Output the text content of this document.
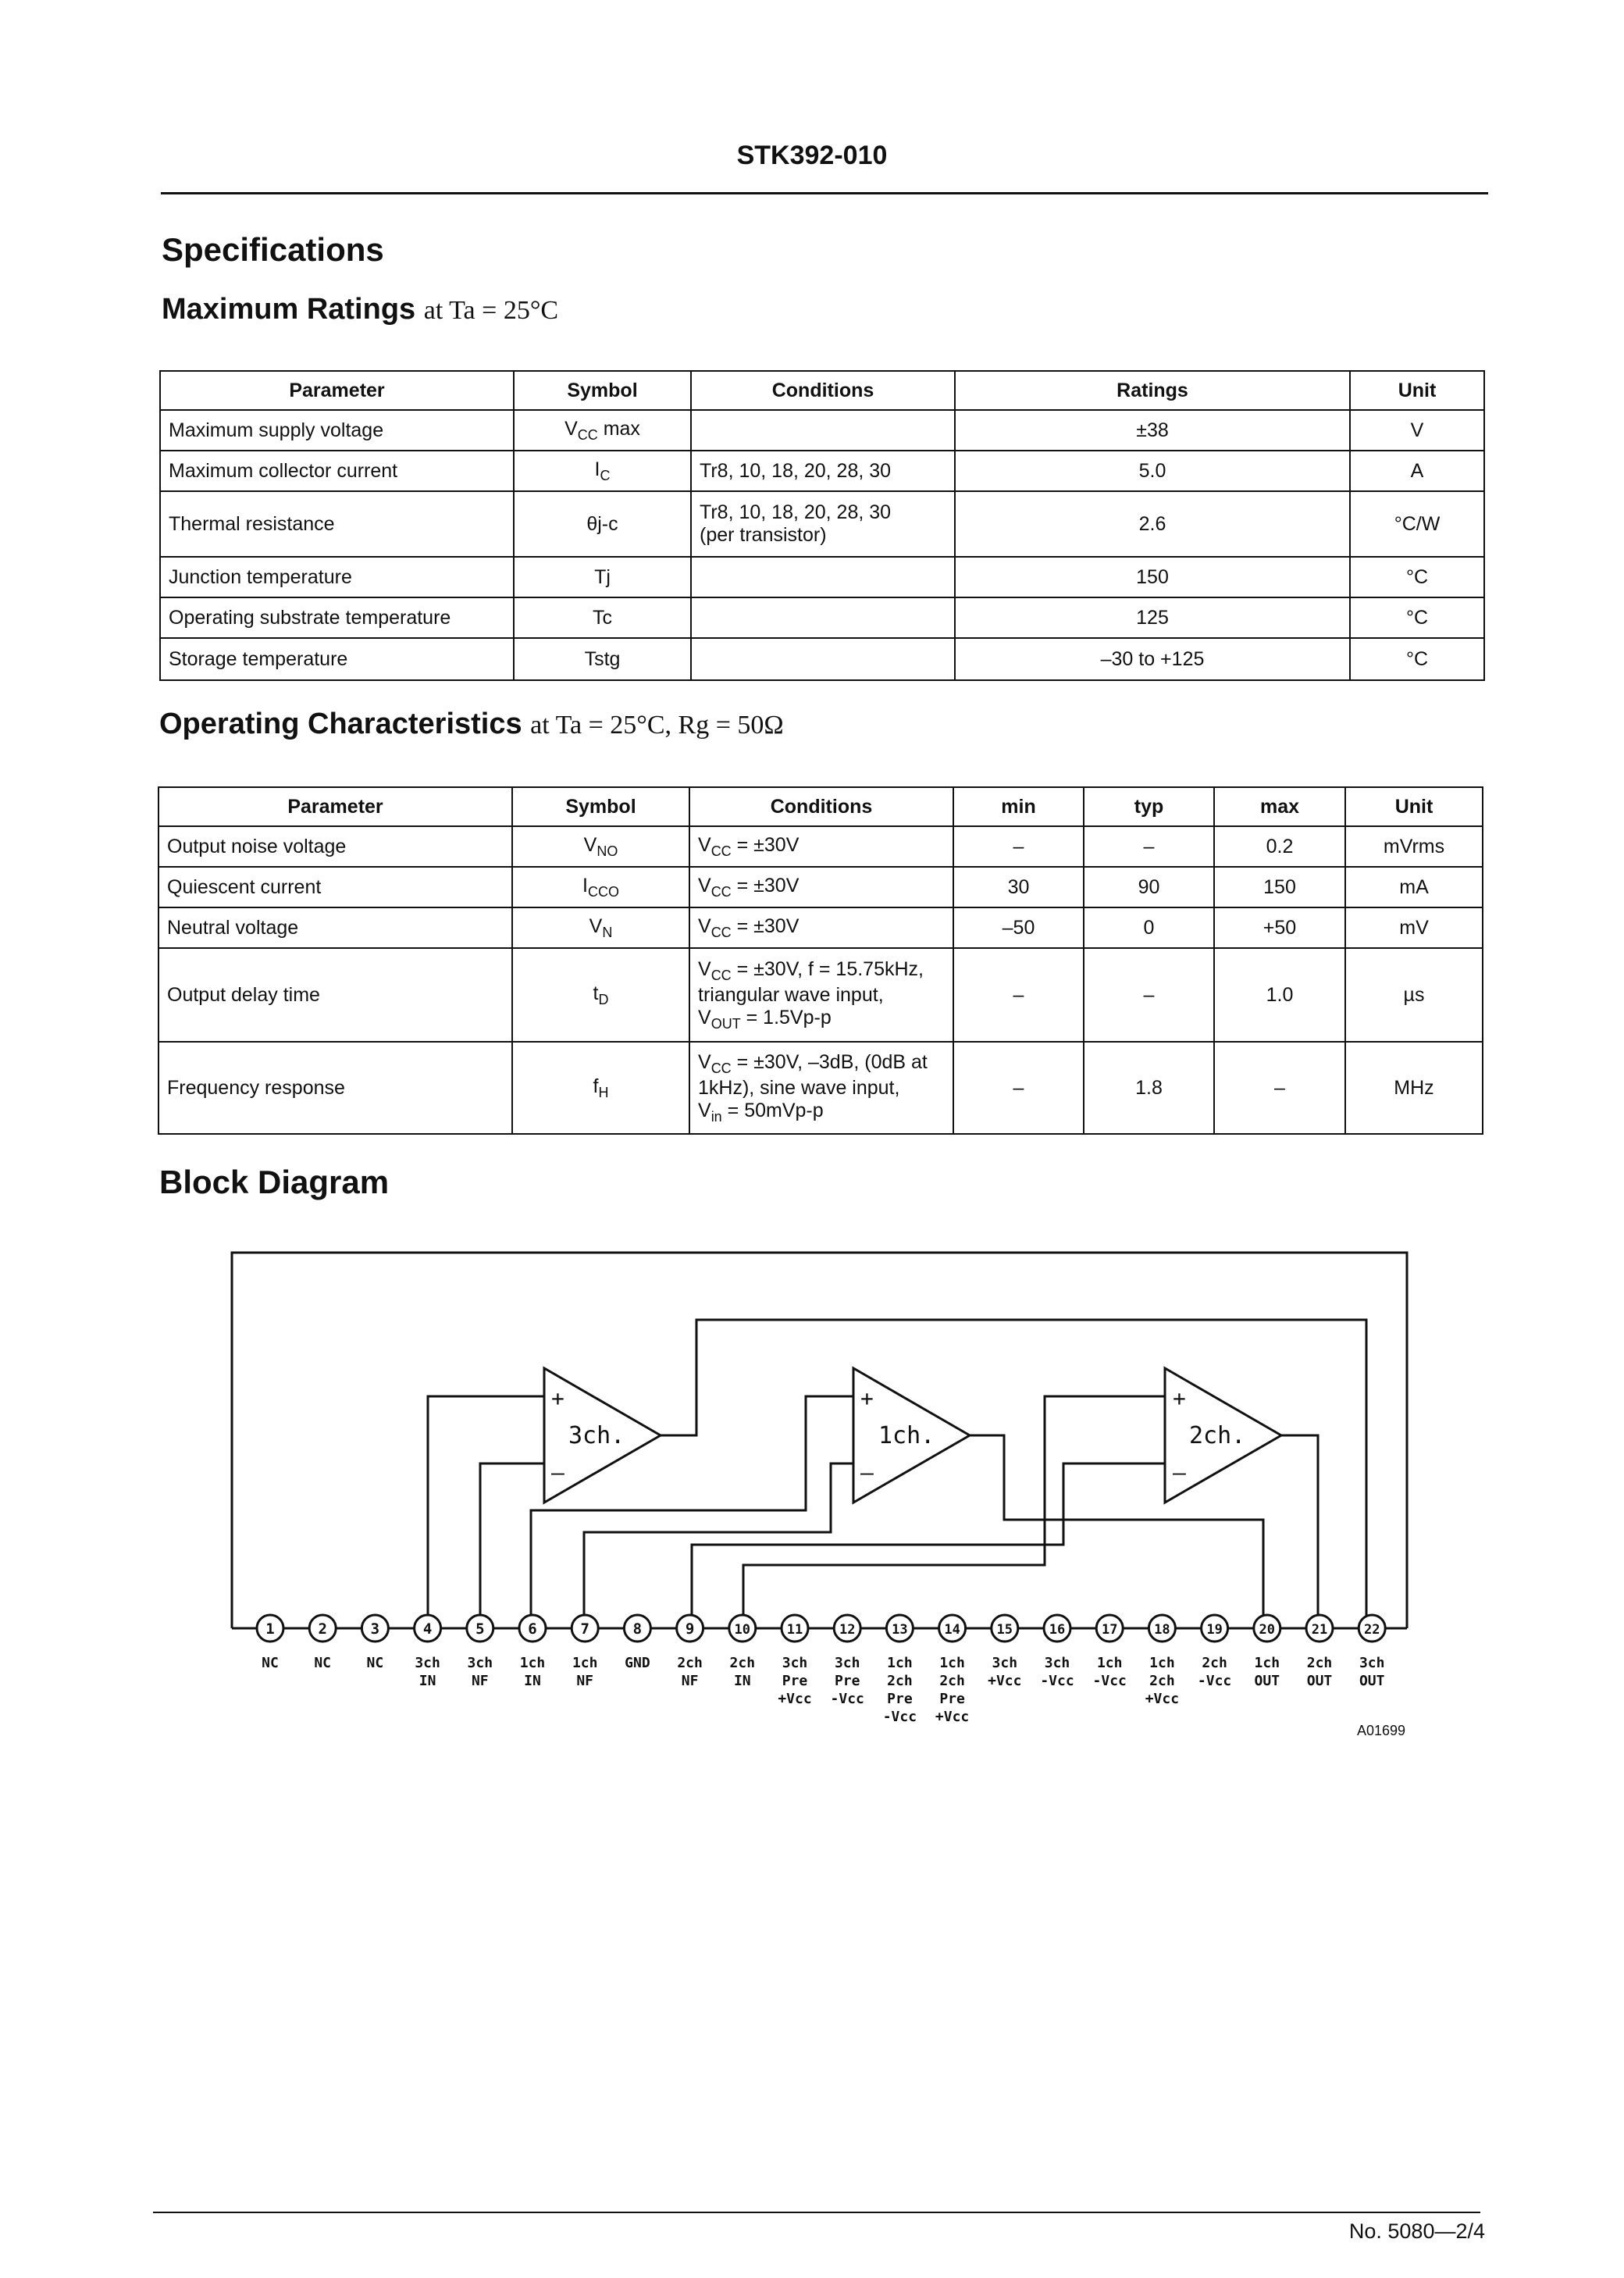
STK392-010
Specifications
Maximum Ratings at Ta = 25°C
Parameter	Symbol	Conditions	Ratings	Unit
Maximum supply voltage	$V_{CC}$ max		±38	V
Maximum collector current	$I_C$	Tr8, 10, 18, 20, 28, 30	5.0	A
Thermal resistance	θj-c	Tr8, 10, 18, 20, 28, 30
(per transistor)	2.6	°C/W
Junction temperature	Tj		150	°C
Operating substrate temperature	Tc		125	°C
Storage temperature	Tstg		–30 to +125	°C
Operating Characteristics at Ta = 25°C, Rg = 50Ω
Parameter	Symbol	Conditions	min	typ	max	Unit
Output noise voltage	$V_{NO}$	$V_{CC} = \pm 30V$	–	–	0.2	mVrms
Quiescent current	$I_{CCO}$	$V_{CC} = \pm 30V$	30	90	150	mA
Neutral voltage	$V_N$	$V_{CC} = \pm 30V$	–50	0	+50	mV
Output delay time	$t_D$	$V_{CC} = \pm 30V$, f = 15.75kHz,
triangular wave input,
$V_{OUT} = 1.5Vp-p$	–	–	1.0	µs
Frequency response	$f_H$	$V_{CC} = \pm 30V$, –3dB, (0dB at
1kHz), sine wave input,
$V_{in} = 50mVp-p$	–	1.8	–	MHz
Block Diagram
+
–
3ch.
+
–
1ch.
+
–
2ch.
1
NC
2
NC
3
NC
4
3ch
IN
5
3ch
NF
6
1ch
IN
7
1ch
NF
8
GND
9
2ch
NF
10
2ch
IN
11
3ch
Pre
+Vcc
12
3ch
Pre
-Vcc
13
1ch
2ch
Pre
-Vcc
14
1ch
2ch
Pre
+Vcc
15
3ch
+Vcc
16
3ch
-Vcc
17
1ch
-Vcc
18
1ch
2ch
+Vcc
19
2ch
-Vcc
20
1ch
OUT
21
2ch
OUT
22
3ch
OUT
A01699
No. 5080—2/4
